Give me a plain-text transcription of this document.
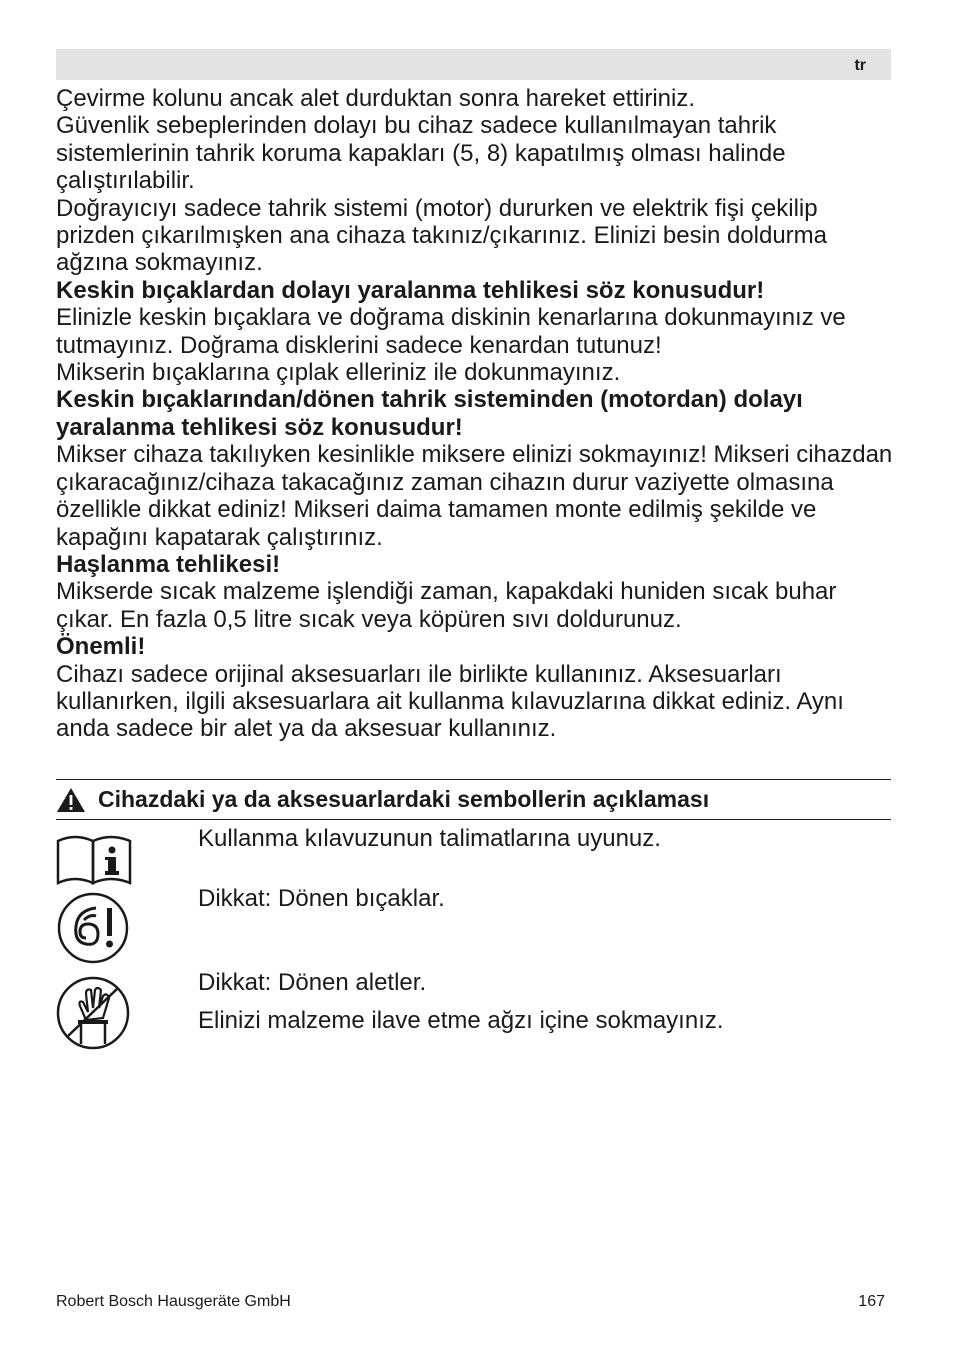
tr

Çevirme kolunu ancak alet durduktan sonra hareket ettiriniz.

Güvenlik sebeplerinden dolayı bu cihaz sadece kullanılmayan tahrik sistemlerinin tahrik koruma kapakları (5, 8) kapatılmış olması halinde çalıştırılabilir.

Doğrayıcıyı sadece tahrik sistemi (motor) dururken ve elektrik fişi çekilip prizden çıkarılmışken ana cihaza takınız/çıkarınız. Elinizi besin doldurma ağzına sokmayınız.

Keskin bıçaklardan dolayı yaralanma tehlikesi söz konusudur!

Elinizle keskin bıçaklara ve doğrama diskinin kenarlarına dokunmayınız ve tutmayınız. Doğrama disklerini sadece kenardan tutunuz!

Mikserin bıçaklarına çıplak elleriniz ile dokunmayınız.

Keskin bıçaklarından/dönen tahrik sisteminden (motordan) dolayı yaralanma tehlikesi söz konusudur!

Mikser cihaza takılıyken kesinlikle miksere elinizi sokmayınız! Mikseri cihazdan çıkaracağınız/cihaza takacağınız zaman cihazın durur vaziyette olmasına özellikle dikkat ediniz! Mikseri daima tamamen monte edilmiş şekilde ve kapağını kapatarak çalıştırınız.

Haşlanma tehlikesi!

Mikserde sıcak malzeme işlendiği zaman, kapakdaki huniden sıcak buhar çıkar. En fazla 0,5 litre sıcak veya köpüren sıvı doldurunuz.

Önemli!

Cihazı sadece orijinal aksesuarları ile birlikte kullanınız. Aksesuarları kullanırken, ilgili aksesuarlara ait kullanma kılavuzlarına dikkat ediniz. Aynı anda sadece bir alet ya da aksesuar kullanınız.

Cihazdaki ya da aksesuarlardaki sembollerin açıklaması
Kullanma kılavuzunun talimatlarına uyunuz.
Dikkat: Dönen bıçaklar.
Dikkat: Dönen aletler.
Elinizi malzeme ilave etme ağzı içine sokmayınız.
Robert Bosch Hausgeräte GmbH	167
